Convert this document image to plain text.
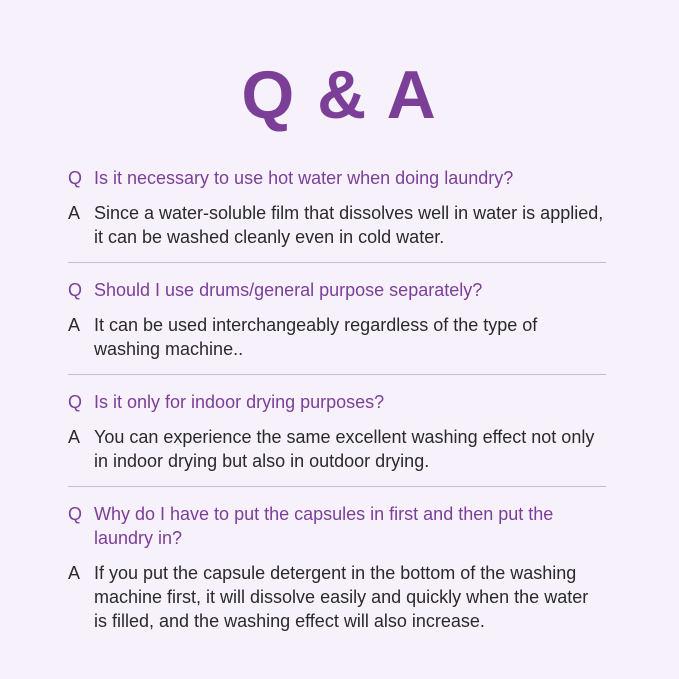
Q & A
Q Is it necessary to use hot water when doing laundry?
A Since a water-soluble film that dissolves well in water is applied, it can be washed cleanly even in cold water.
Q Should I use drums/general purpose separately?
A It can be used interchangeably regardless of the type of washing machine..
Q Is it only for indoor drying purposes?
A You can experience the same excellent washing effect not only in indoor drying but also in outdoor drying.
Q Why do I have to put the capsules in first and then put the laundry in?
A If you put the capsule detergent in the bottom of the washing machine first, it will dissolve easily and quickly when the water is filled, and the washing effect will also increase.
